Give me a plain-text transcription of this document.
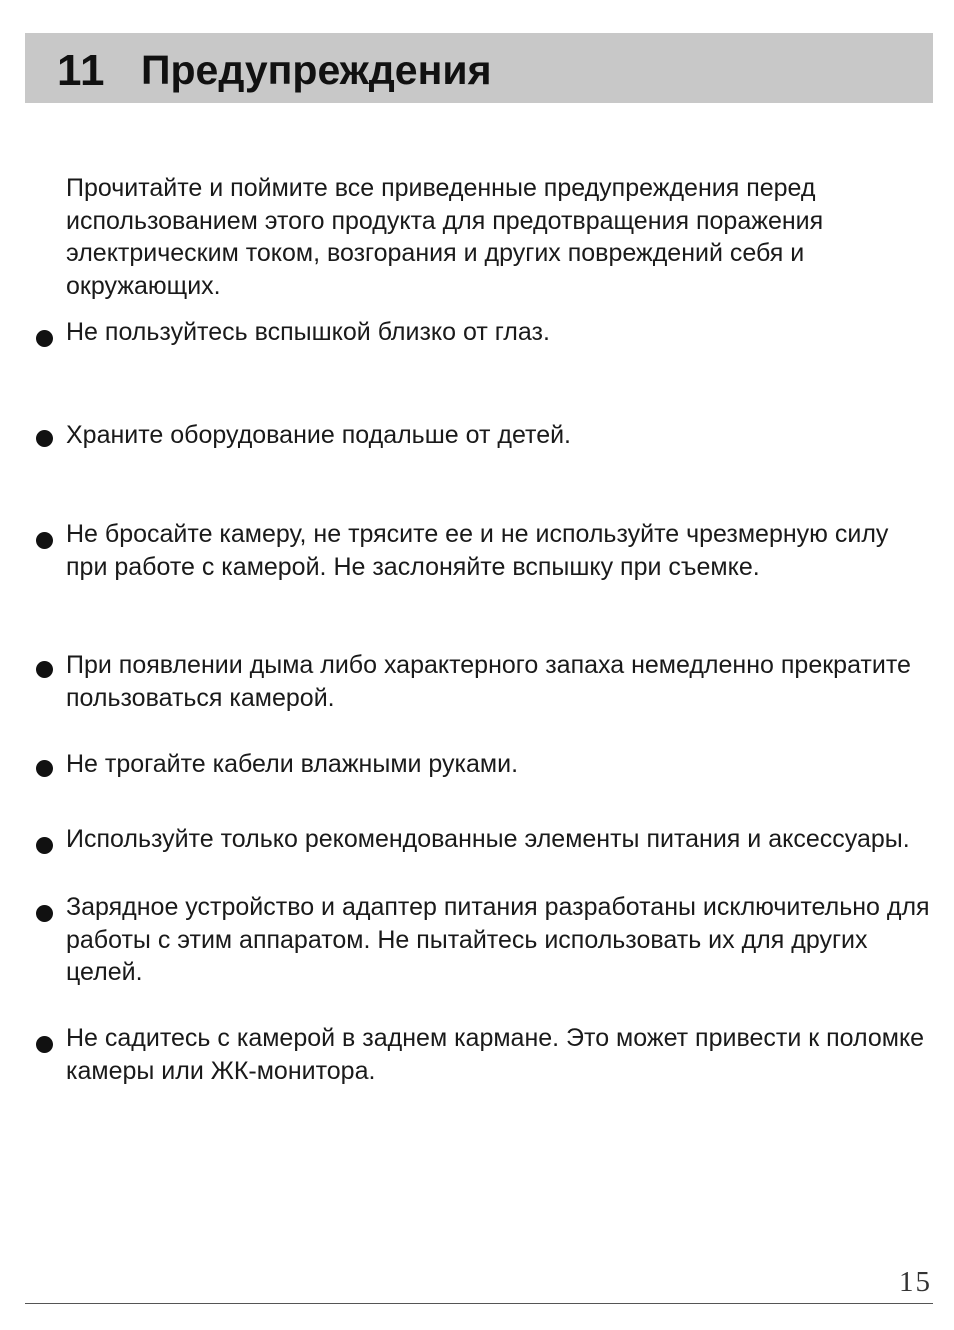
11 Предупреждения

Прочитайте и поймите все приведенные предупреждения перед использованием этого продукта для предотвращения поражения электрическим током, возгорания и других повреждений себя и окружающих.

Не пользуйтесь вспышкой близко от глаз.

Храните оборудование подальше от детей.

Не бросайте камеру, не трясите ее и не используйте чрезмерную силу при работе с камерой. Не заслоняйте вспышку при съемке.

При появлении дыма либо характерного запаха немедленно прекратите пользоваться камерой.

Не трогайте кабели влажными руками.

Используйте только рекомендованные элементы питания и аксессуары.

Зарядное устройство и адаптер питания разработаны исключительно для работы с этим аппаратом. Не пытайтесь использовать их для других целей.

Не садитесь с камерой в заднем кармане. Это может привести к поломке камеры или ЖК-монитора.

15
